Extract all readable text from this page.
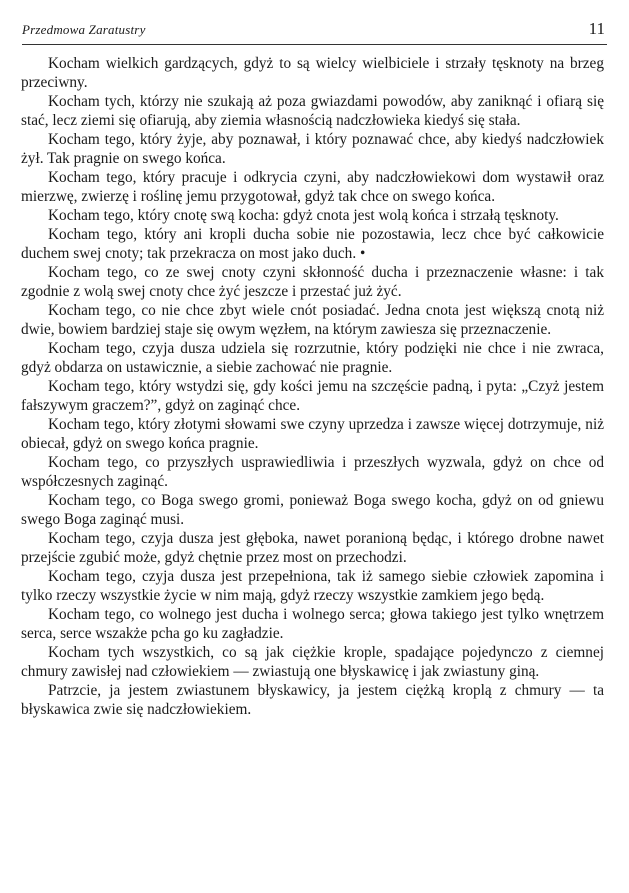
Przedmowa Zaratustry	11

Kocham wielkich gardzących, gdyż to są wielcy wielbiciele i strzały tęsknoty na brzeg przeciwny.

Kocham tych, którzy nie szukają aż poza gwiazdami powodów, aby zaniknąć i ofiarą się stać, lecz ziemi się ofiarują, aby ziemia własnością nadczłowieka kiedyś się stała.

Kocham tego, który żyje, aby poznawał, i który poznawać chce, aby kiedyś nadczłowiek żył. Tak pragnie on swego końca.

Kocham tego, który pracuje i odkrycia czyni, aby nadczłowiekowi dom wystawił oraz mierzwę, zwierzę i roślinę jemu przygotował, gdyż tak chce on swego końca.

Kocham tego, który cnotę swą kocha: gdyż cnota jest wolą końca i strzałą tęsknoty.

Kocham tego, który ani kropli ducha sobie nie pozostawia, lecz chce być całkowicie duchem swej cnoty; tak przekracza on most jako duch. •

Kocham tego, co ze swej cnoty czyni skłonność ducha i przeznaczenie własne: i tak zgodnie z wolą swej cnoty chce żyć jeszcze i przestać już żyć.

Kocham tego, co nie chce zbyt wiele cnót posiadać. Jedna cnota jest większą cnotą niż dwie, bowiem bardziej staje się owym węzłem, na którym zawiesza się przeznaczenie.

Kocham tego, czyja dusza udziela się rozrzutnie, który podzięki nie chce i nie zwraca, gdyż obdarza on ustawicznie, a siebie zachować nie pragnie.

Kocham tego, który wstydzi się, gdy kości jemu na szczęście padną, i pyta: „Czyż jestem fałszywym graczem?”, gdyż on zaginąć chce.

Kocham tego, który złotymi słowami swe czyny uprzedza i zawsze więcej dotrzymuje, niż obiecał, gdyż on swego końca pragnie.

Kocham tego, co przyszłych usprawiedliwia i przeszłych wyzwala, gdyż on chce od współczesnych zaginąć.

Kocham tego, co Boga swego gromi, ponieważ Boga swego kocha, gdyż on od gniewu swego Boga zaginąć musi.

Kocham tego, czyja dusza jest głęboka, nawet poranioną będąc, i którego drobne nawet przejście zgubić może, gdyż chętnie przez most on przechodzi.

Kocham tego, czyja dusza jest przepełniona, tak iż samego siebie człowiek zapomina i tylko rzeczy wszystkie życie w nim mają, gdyż rzeczy wszystkie zamkiem jego będą.

Kocham tego, co wolnego jest ducha i wolnego serca; głowa takiego jest tylko wnętrzem serca, serce wszakże pcha go ku zagładzie.

Kocham tych wszystkich, co są jak ciężkie krople, spadające pojedynczo z ciemnej chmury zawisłej nad człowiekiem — zwiastują one błyskawicę i jak zwiastuny giną.

Patrzcie, ja jestem zwiastunem błyskawicy, ja jestem ciężką kroplą z chmury — ta błyskawica zwie się nadczłowiekiem.
